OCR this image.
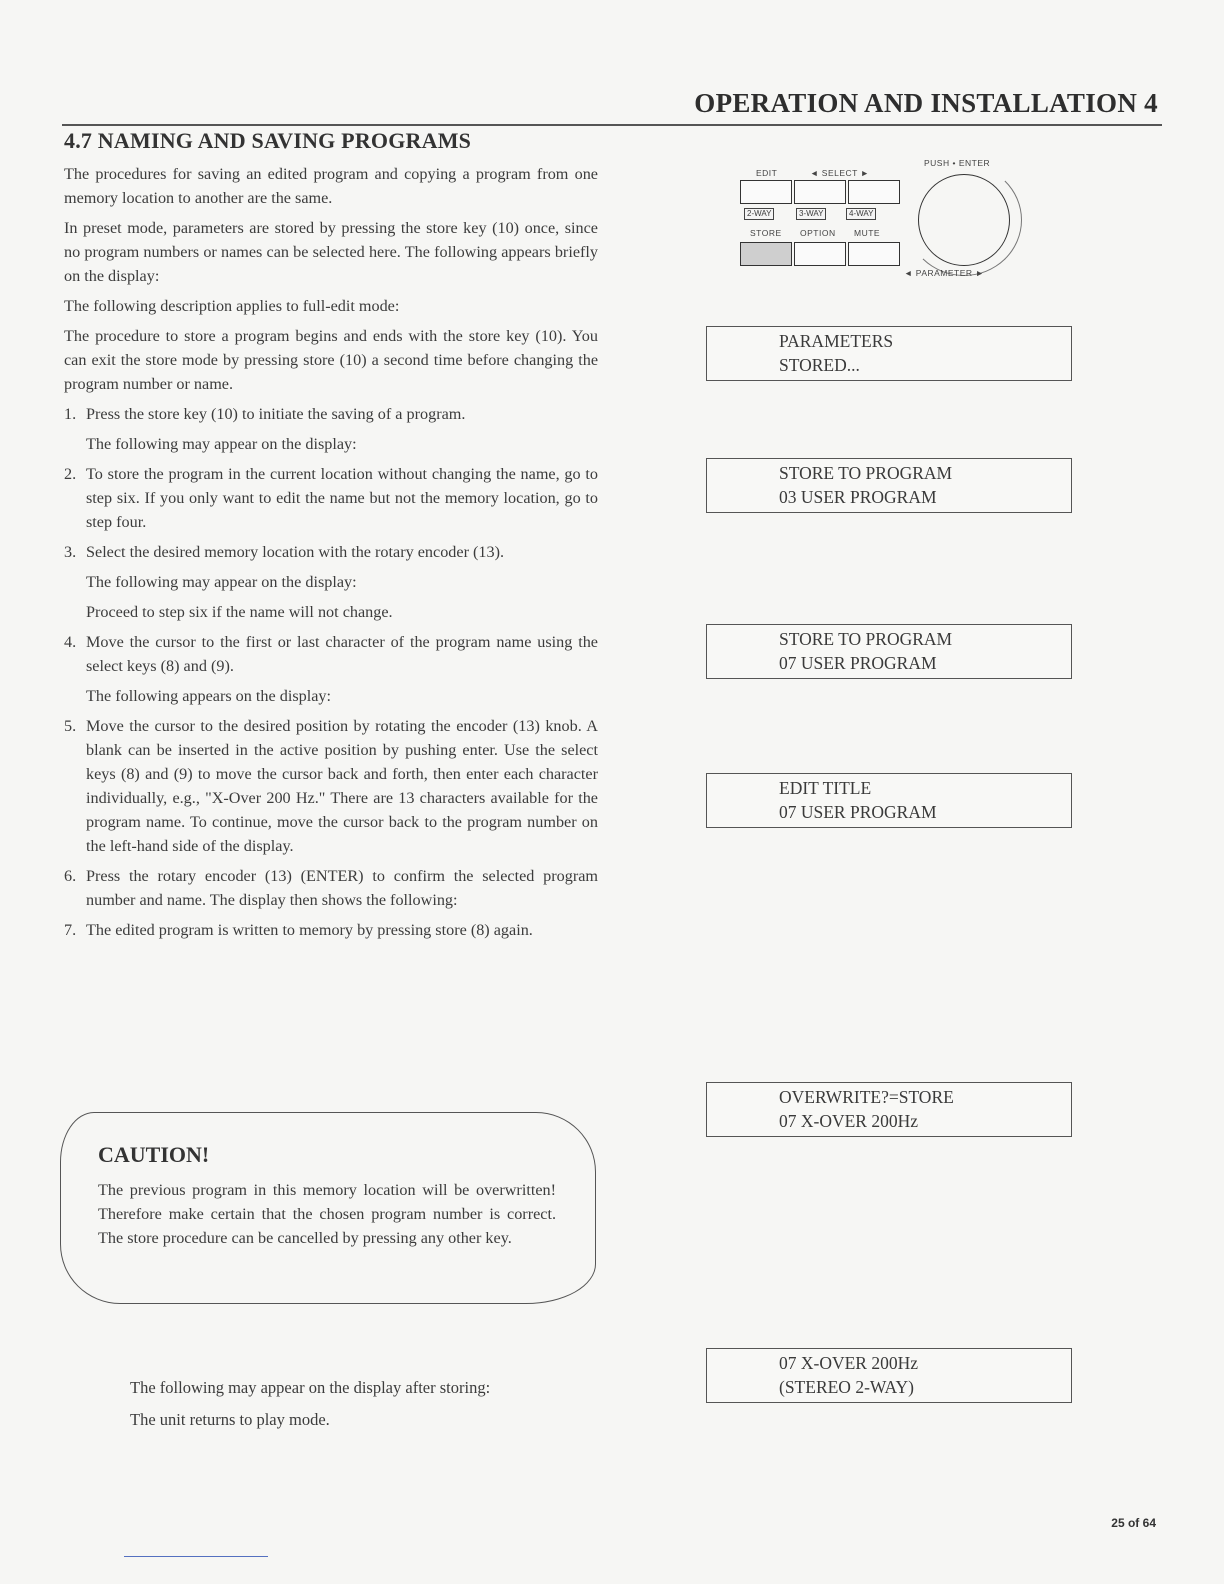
OPERATION AND INSTALLATION 4
4.7 NAMING AND SAVING PROGRAMS

The procedures for saving an edited program and copying a program from one memory location to another are the same.

In preset mode, parameters are stored by pressing the store key (10) once, since no program numbers or names can be selected here. The following appears briefly on the display:

The following description applies to full-edit mode:

The procedure to store a program begins and ends with the store key (10). You can exit the store mode by pressing store (10) a second time before changing the program number or name.

1. Press the store key (10) to initiate the saving of a program.
The following may appear on the display:
2. To store the program in the current location without changing the name, go to step six. If you only want to edit the name but not the memory location, go to step four.
3. Select the desired memory location with the rotary encoder (13).
The following may appear on the display:
Proceed to step six if the name will not change.
4. Move the cursor to the first or last character of the program name using the select keys (8) and (9).
The following appears on the display:
5. Move the cursor to the desired position by rotating the encoder (13) knob. A blank can be inserted in the active position by pushing enter. Use the select keys (8) and (9) to move the cursor back and forth, then enter each character individually, e.g., "X-Over 200 Hz." There are 13 characters available for the program name. To continue, move the cursor back to the program number on the left-hand side of the display.
6. Press the rotary encoder (13) (ENTER) to confirm the selected program number and name. The display then shows the following:
7. The edited program is written to memory by pressing store (8) again.
EDIT	◄ SELECT ►
PUSH • ENTER
2-WAY	3-WAY	4-WAY
STORE OPTION MUTE
◄ PARAMETER ►
PARAMETERS
STORED...
STORE TO PROGRAM
03 USER PROGRAM
STORE TO PROGRAM
07 USER PROGRAM
EDIT TITLE
07 USER PROGRAM
OVERWRITE?=STORE
07 X-OVER 200Hz
07 X-OVER 200Hz
(STEREO 2-WAY)
CAUTION!
The previous program in this memory location will be overwritten! Therefore make certain that the chosen program number is correct. The store procedure can be cancelled by pressing any other key.
The following may appear on the display after storing:
The unit returns to play mode.
25 of 64
